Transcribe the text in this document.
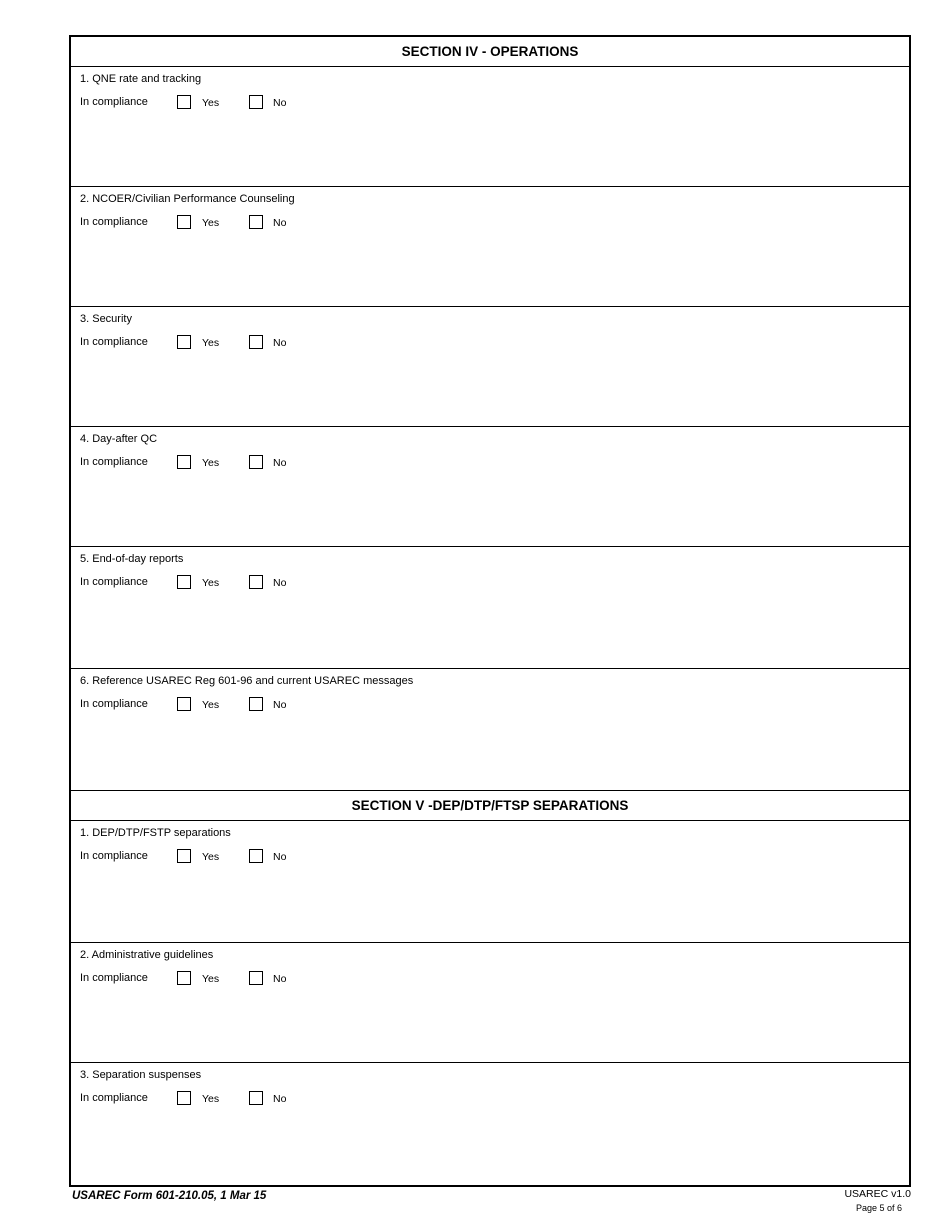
SECTION IV - OPERATIONS
1. QNE rate and tracking
In compliance	Yes	No
2. NCOER/Civilian Performance Counseling
In compliance	Yes	No
3. Security
In compliance	Yes	No
4. Day-after QC
In compliance	Yes	No
5. End-of-day reports
In compliance	Yes	No
6. Reference USAREC Reg 601-96 and current USAREC messages
In compliance	Yes	No
SECTION V -DEP/DTP/FTSP SEPARATIONS
1. DEP/DTP/FSTP separations
In compliance	Yes	No
2. Administrative guidelines
In compliance	Yes	No
3. Separation suspenses
In compliance	Yes	No
USAREC Form 601-210.05, 1 Mar 15	USAREC v1.0
Page 5 of 6
